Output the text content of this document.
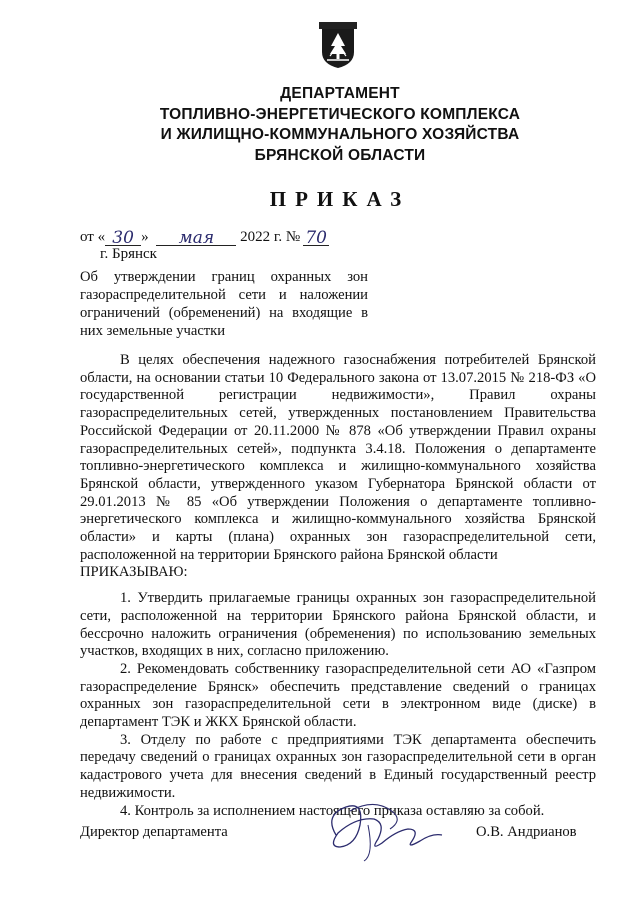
ДЕПАРТАМЕНТ
ТОПЛИВНО-ЭНЕРГЕТИЧЕСКОГО КОМПЛЕКСА
И ЖИЛИЩНО-КОММУНАЛЬНОГО ХОЗЯЙСТВА
БРЯНСКОЙ ОБЛАСТИ
ПРИКАЗ
от « 30 » мая 2022 г. № 70
г. Брянск
Об утверждении границ охранных зон газораспределительной сети и наложении ограничений (обременений) на входящие в них земельные участки

В целях обеспечения надежного газоснабжения потребителей Брянской области, на основании статьи 10 Федерального закона от 13.07.2015 № 218-ФЗ «О государственной регистрации недвижимости», Правил охраны газораспределительных сетей, утвержденных постановлением Правительства Российской Федерации от 20.11.2000 № 878 «Об утверждении Правил охраны газораспределительных сетей», подпункта 3.4.18. Положения о департаменте топливно-энергетического комплекса и жилищно-коммунального хозяйства Брянской области, утвержденного указом Губернатора Брянской области от 29.01.2013 № 85 «Об утверждении Положения о департаменте топливно-энергетического комплекса и жилищно-коммунального хозяйства Брянской области» и карты (плана) охранных зон газораспределительной сети, расположенной на территории Брянского района Брянской области

ПРИКАЗЫВАЮ:

1. Утвердить прилагаемые границы охранных зон газораспределительной сети, расположенной на территории Брянского района Брянской области, и бессрочно наложить ограничения (обременения) по использованию земельных участков, входящих в них, согласно приложению.

2. Рекомендовать собственнику газораспределительной сети АО «Газпром газораспределение Брянск» обеспечить представление сведений о границах охранных зон газораспределительной сети в электронном виде (диске) в департамент ТЭК и ЖКХ Брянской области.

3. Отделу по работе с предприятиями ТЭК департамента обеспечить передачу сведений о границах охранных зон газораспределительной сети в орган кадастрового учета для внесения сведений в Единый государственный реестр недвижимости.

4. Контроль за исполнением настоящего приказа оставляю за собой.

Директор департамента	О.В. Андрианов
